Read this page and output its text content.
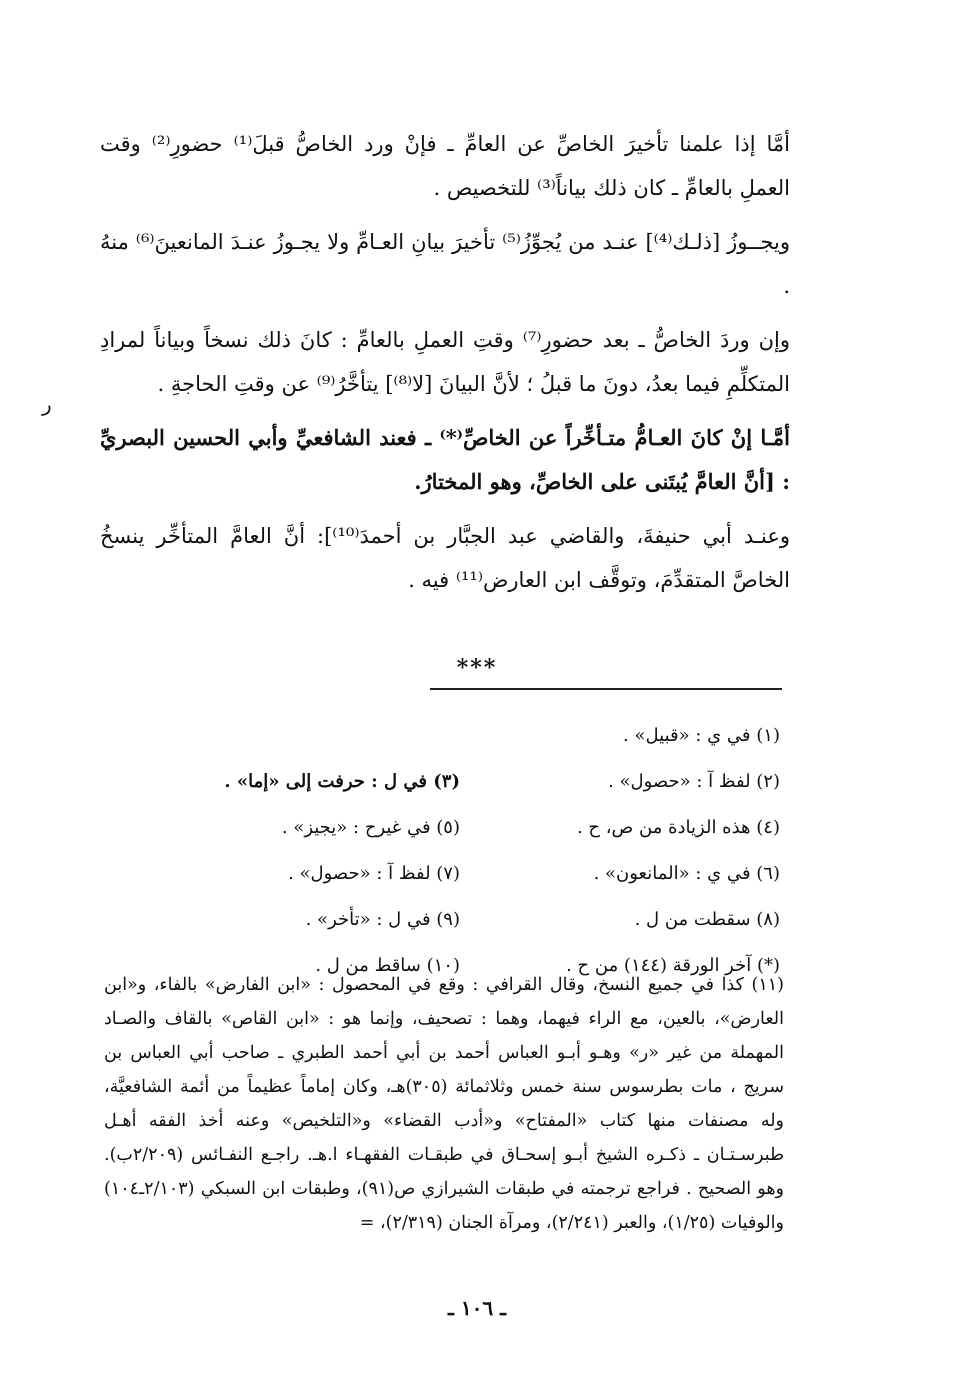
أمَّا إذا علمنا تأخيرَ الخاصِّ عن العامِّ ـ فإنْ ورد الخاصُّ قبلَ⁽¹⁾ حضورِ⁽²⁾ وقت العملِ بالعامِّ ـ كان ذلك بياناً⁽³⁾ للتخصيص .

ويجــوزُ [ذلـك⁽⁴⁾] عنـد من يُجوِّزُ⁽⁵⁾ تأخيرَ بيانِ العـامِّ ولا يجـوزُ عنـدَ المانعينَ⁽⁶⁾ منهُ .

وإن وردَ الخاصُّ ـ بعد حضورِ⁽⁷⁾ وقتِ العملِ بالعامِّ : كانَ ذلك نسخاً وبياناً لمرادِ المتكلِّمِ فيما بعدُ، دونَ ما قبلُ ؛ لأنَّ البيانَ [لا⁽⁸⁾] يتأخَّرُ⁽⁹⁾ عن وقتِ الحاجةِ .

أمَّـا إنْ كانَ العـامُّ متـأخِّراً عن الخاصِّ⁽*⁾ ـ فعند الشافعيِّ وأبي الحسين البصريِّ : [أنَّ العامَّ يُبتَنى على الخاصِّ، وهو المختارُ.

وعنـد أبي حنيفةَ، والقاضي عبد الجبَّار بن أحمدَ⁽¹⁰⁾]: أنَّ العامَّ المتأخِّر ينسخُ الخاصَّ المتقدِّمَ، وتوقَّف ابن العارض⁽¹¹⁾ فيه .

ر
***
(١) في ي : «قبيل» .
(٢) لفظ آ : «حصول» .
(٣) في ل : حرفت إلى «إما» .
(٤) هذه الزيادة من ص، ح .
(٥) في غيرح : «يجيز» .
(٦) في ي : «المانعون» .
(٧) لفظ آ : «حصول» .
(٨) سقطت من ل .
(٩) في ل : «تأخر» .
(*) آخر الورقة (١٤٤) من ح .
(١٠) ساقط من ل .
(١١) كذا في جميع النسخ، وقال القرافي : وقع في المحصول : «ابن الفارض» بالفاء، و«ابن العارض»، بالعين، مع الراء فيهما، وهما : تصحيف، وإنما هو : «ابن القاص» بالقاف والصـاد المهملة من غير «ر» وهـو أبـو العباس أحمد بن أبي أحمد الطبري ـ صاحب أبي العباس بن سريج ، مات بطرسوس سنة خمس وثلاثمائة (٣٠٥)هـ، وكان إماماً عظيماً من أئمة الشافعيَّة، وله مصنفات منها كتاب «المفتاح» و«أدب القضاء» و«التلخيص» وعنه أخذ الفقه أهـل طبرسـتـان ـ ذكـره الشيخ أبـو إسحـاق في طبقـات الفقهـاء ا.هـ. راجـع النفـائس (٢/٢٠٩ب). وهو الصحيح . فراجع ترجمته في طبقات الشيرازي ص(٩١)، وطبقات ابن السبكي (٢/١٠٣ـ١٠٤) والوفيات (١/٢٥)، والعبر (٢/٢٤١)، ومرآة الجنان (٢/٣١٩)، =
ـ ١٠٦ ـ
